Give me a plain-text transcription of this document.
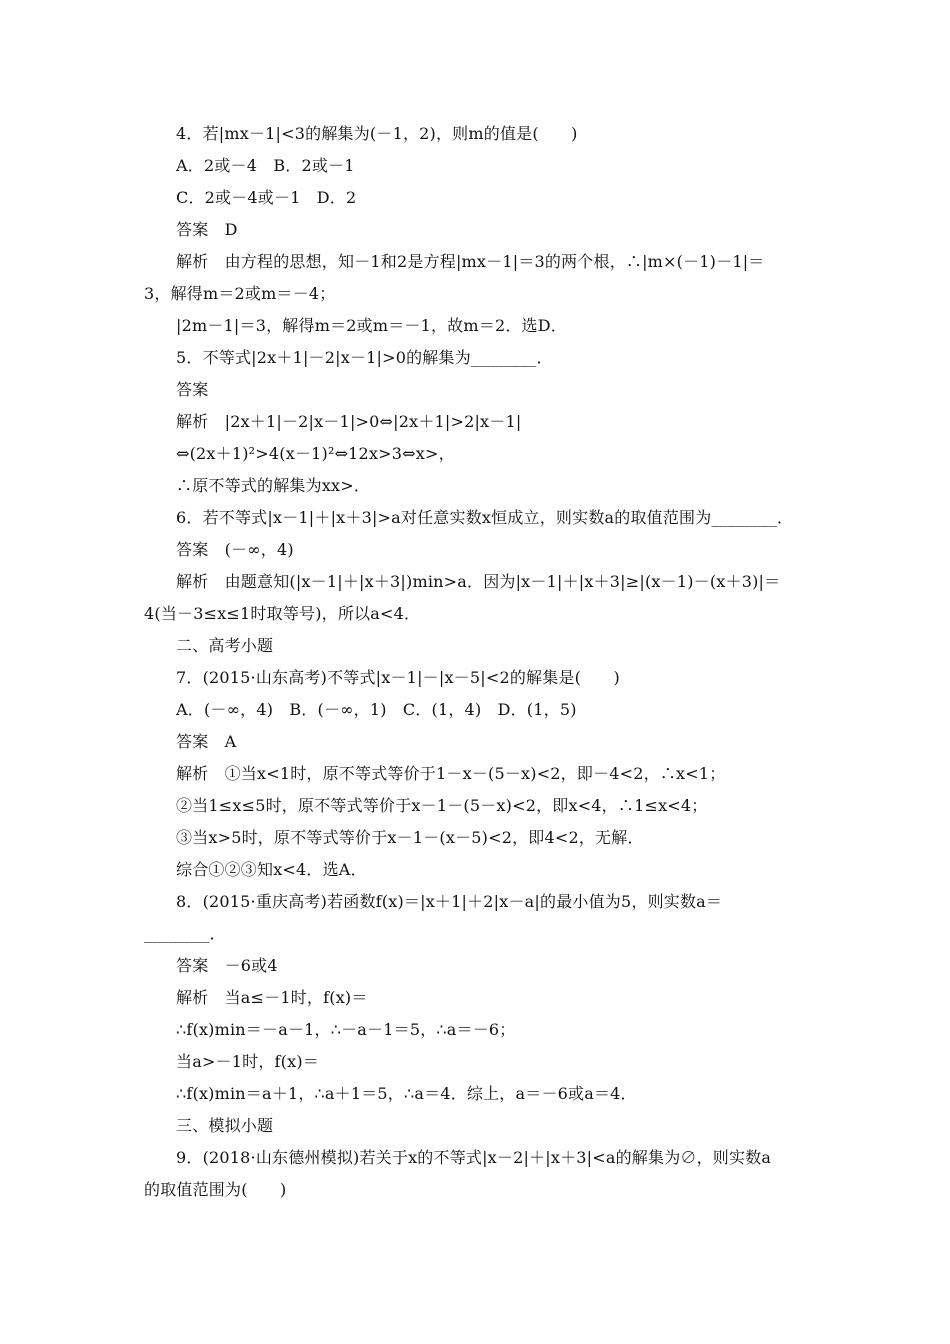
4．若|mx－1|<3的解集为(－1，2)，则m的值是(　　)
A．2或－4　B．2或－1
C．2或－4或－1　D．2
答案　D
解析　由方程的思想，知－1和2是方程|mx－1|＝3的两个根，∴|m×(－1)－1|＝
3，解得m＝2或m＝－4；
|2m－1|＝3，解得m＝2或m＝－1，故m＝2．选D．
5．不等式|2x＋1|－2|x－1|>0的解集为________．
答案
解析　|2x＋1|－2|x－1|>0⇔|2x＋1|>2|x－1|
⇔(2x＋1)²>4(x－1)²⇔12x>3⇔x>，
∴原不等式的解集为xx>．
6．若不等式|x－1|＋|x＋3|>a对任意实数x恒成立，则实数a的取值范围为________．
答案　(－∞，4)
解析　由题意知(|x－1|＋|x＋3|)min>a．因为|x－1|＋|x＋3|≥|(x－1)－(x＋3)|＝
4(当－3≤x≤1时取等号)，所以a<4．
二、高考小题
7．(2015·山东高考)不等式|x－1|－|x－5|<2的解集是(　　)
A．(－∞，4)　B．(－∞，1)　C．(1，4)　D．(1，5)
答案　A
解析　①当x<1时，原不等式等价于1－x－(5－x)<2，即－4<2，∴x<1；
②当1≤x≤5时，原不等式等价于x－1－(5－x)<2，即x<4，∴1≤x<4；
③当x>5时，原不等式等价于x－1－(x－5)<2，即4<2，无解．
综合①②③知x<4．选A．
8．(2015·重庆高考)若函数f(x)＝|x＋1|＋2|x－a|的最小值为5，则实数a＝
________．
答案　－6或4
解析　当a≤－1时，f(x)＝
∴f(x)min＝－a－1，∴－a－1＝5，∴a＝－6；
当a>－1时，f(x)＝
∴f(x)min＝a＋1，∴a＋1＝5，∴a＝4．综上，a＝－6或a＝4．
三、模拟小题
9．(2018·山东德州模拟)若关于x的不等式|x－2|＋|x＋3|<a的解集为∅，则实数a
的取值范围为(　　)
